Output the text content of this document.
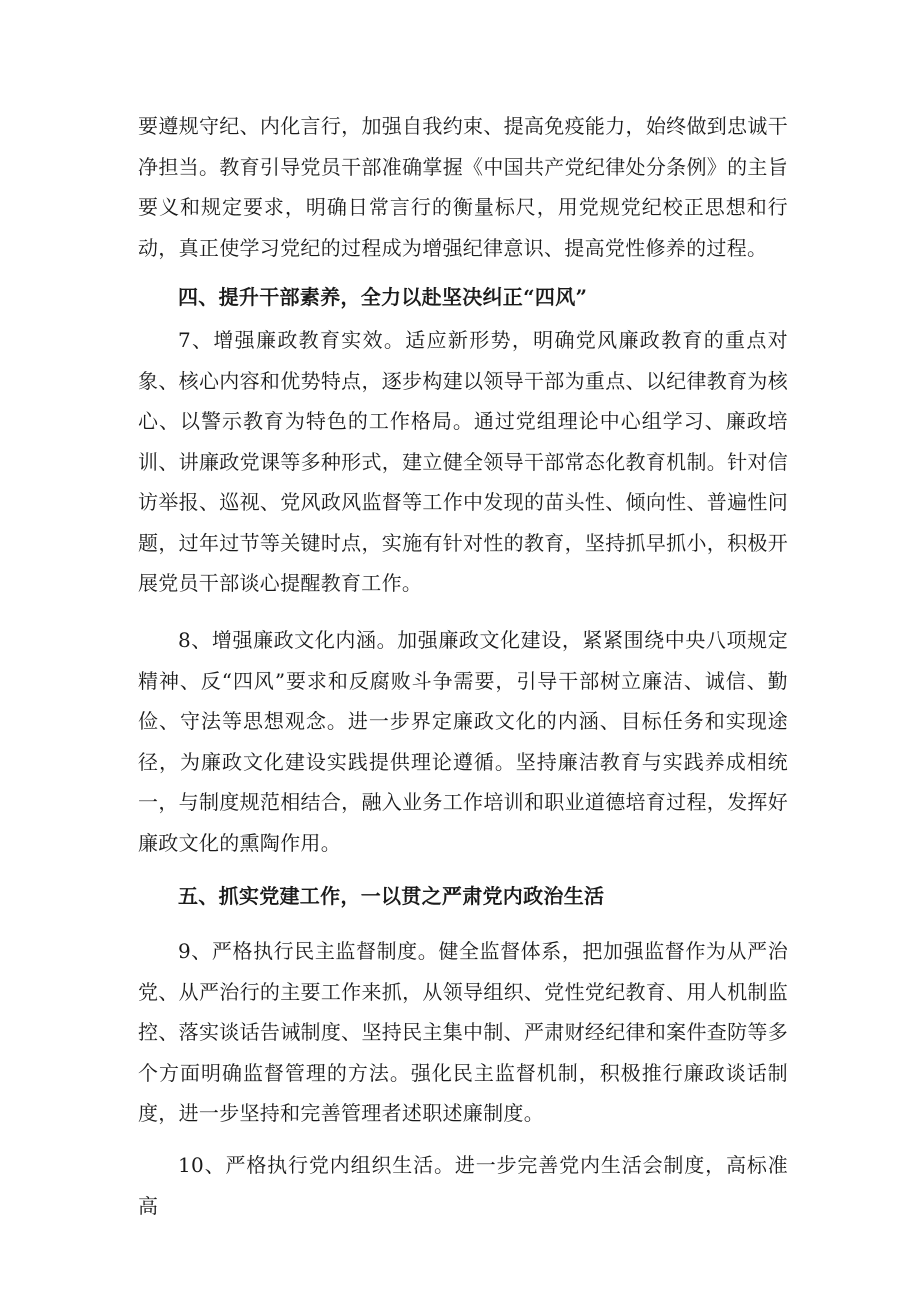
要遵规守纪、内化言行，加强自我约束、提高免疫能力，始终做到忠诚干净担当。教育引导党员干部准确掌握《中国共产党纪律处分条例》的主旨要义和规定要求，明确日常言行的衡量标尺，用党规党纪校正思想和行动，真正使学习党纪的过程成为增强纪律意识、提高党性修养的过程。

四、提升干部素养，全力以赴坚决纠正“四风”

7、增强廉政教育实效。适应新形势，明确党风廉政教育的重点对象、核心内容和优势特点，逐步构建以领导干部为重点、以纪律教育为核心、以警示教育为特色的工作格局。通过党组理论中心组学习、廉政培训、讲廉政党课等多种形式，建立健全领导干部常态化教育机制。针对信访举报、巡视、党风政风监督等工作中发现的苗头性、倾向性、普遍性问题，过年过节等关键时点，实施有针对性的教育，坚持抓早抓小，积极开展党员干部谈心提醒教育工作。

8、增强廉政文化内涵。加强廉政文化建设，紧紧围绕中央八项规定精神、反“四风”要求和反腐败斗争需要，引导干部树立廉洁、诚信、勤俭、守法等思想观念。进一步界定廉政文化的内涵、目标任务和实现途径，为廉政文化建设实践提供理论遵循。坚持廉洁教育与实践养成相统一，与制度规范相结合，融入业务工作培训和职业道德培育过程，发挥好廉政文化的熏陶作用。

五、抓实党建工作，一以贯之严肃党内政治生活

9、严格执行民主监督制度。健全监督体系，把加强监督作为从严治党、从严治行的主要工作来抓，从领导组织、党性党纪教育、用人机制监控、落实谈话告诫制度、坚持民主集中制、严肃财经纪律和案件查防等多个方面明确监督管理的方法。强化民主监督机制，积极推行廉政谈话制度，进一步坚持和完善管理者述职述廉制度。

10、严格执行党内组织生活。进一步完善党内生活会制度，高标准高
